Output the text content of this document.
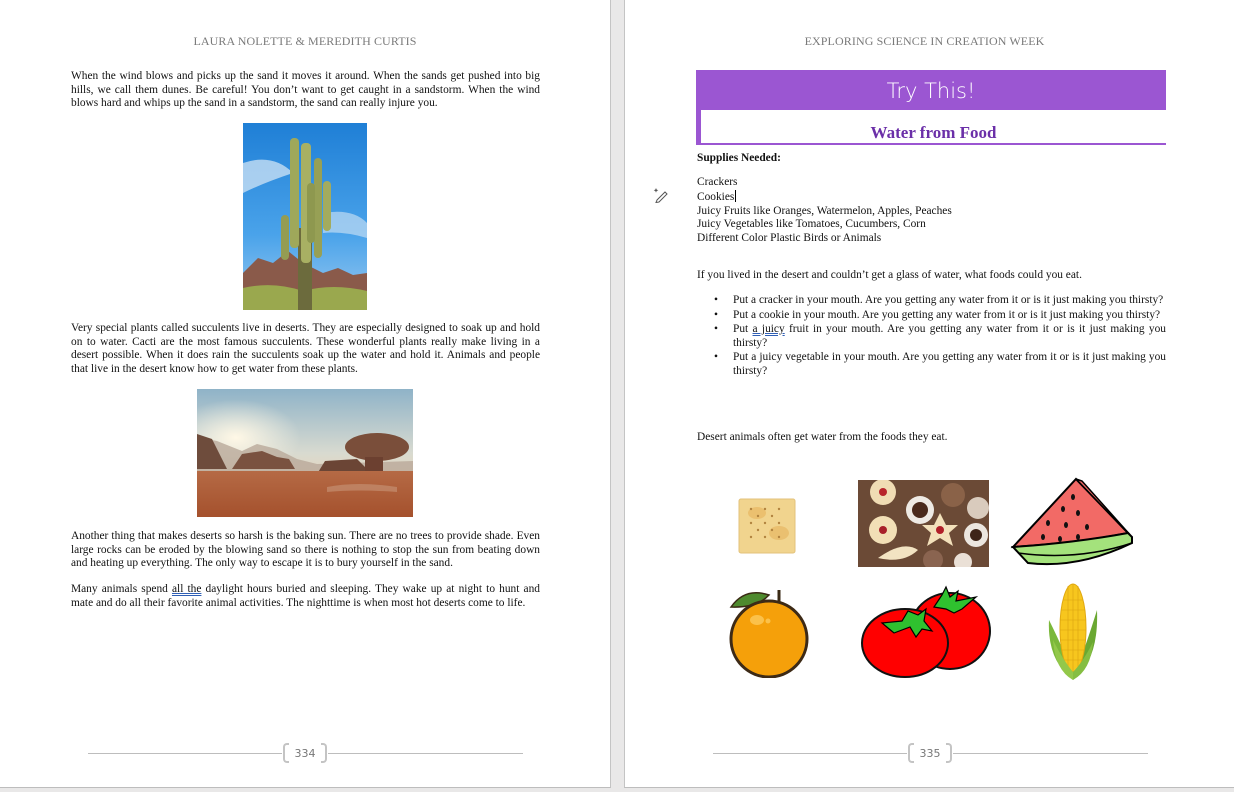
LAURA NOLETTE & MEREDITH CURTIS

When the wind blows and picks up the sand it moves it around. When the sands get pushed into big hills, we call them dunes. Be careful! You don’t want to get caught in a sandstorm. When the wind blows hard and whips up the sand in a sandstorm, the sand can really injure you.

Very special plants called succulents live in deserts. They are especially designed to soak up and hold on to water. Cacti are the most famous succulents. These wonderful plants really make living in a desert possible. When it does rain the succulents soak up the water and hold it. Animals and people that live in the desert know how to get water from these plants.

Another thing that makes deserts so harsh is the baking sun. There are no trees to provide shade. Even large rocks can be eroded by the blowing sand so there is nothing to stop the sun from beating down and heating up everything. The only way to escape it is to bury yourself in the sand.

Many animals spend all the daylight hours buried and sleeping. They wake up at night to hunt and mate and do all their favorite animal activities. The nighttime is when most hot deserts come to life.

334
EXPLORING SCIENCE IN CREATION WEEK
Try This!
Water from Food
Supplies Needed:
Crackers
Cookies
Juicy Fruits like Oranges, Watermelon, Apples, Peaches
Juicy Vegetables like Tomatoes, Cucumbers, Corn
Different Color Plastic Birds or Animals
If you lived in the desert and couldn’t get a glass of water, what foods could you eat.
• Put a cracker in your mouth. Are you getting any water from it or is it just making you thirsty?
• Put a cookie in your mouth. Are you getting any water from it or is it just making you thirsty?
• Put a juicy fruit in your mouth. Are you getting any water from it or is it just making you thirsty?
• Put a juicy vegetable in your mouth. Are you getting any water from it or is it just making you thirsty?
Desert animals often get water from the foods they eat.
335
